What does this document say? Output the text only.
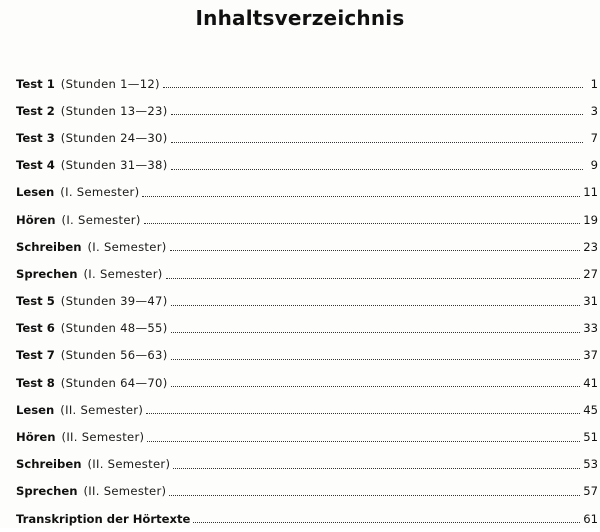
Inhaltsverzeichnis
Test 1 (Stunden 1—12)	1
Test 2 (Stunden 13—23)	3
Test 3 (Stunden 24—30)	7
Test 4 (Stunden 31—38)	9
Lesen (I. Semester)	11
Hören (I. Semester)	19
Schreiben (I. Semester)	23
Sprechen (I. Semester)	27
Test 5 (Stunden 39—47)	31
Test 6 (Stunden 48—55)	33
Test 7 (Stunden 56—63)	37
Test 8 (Stunden 64—70)	41
Lesen (II. Semester)	45
Hören (II. Semester)	51
Schreiben (II. Semester)	53
Sprechen (II. Semester)	57
Transkription der Hörtexte	61
